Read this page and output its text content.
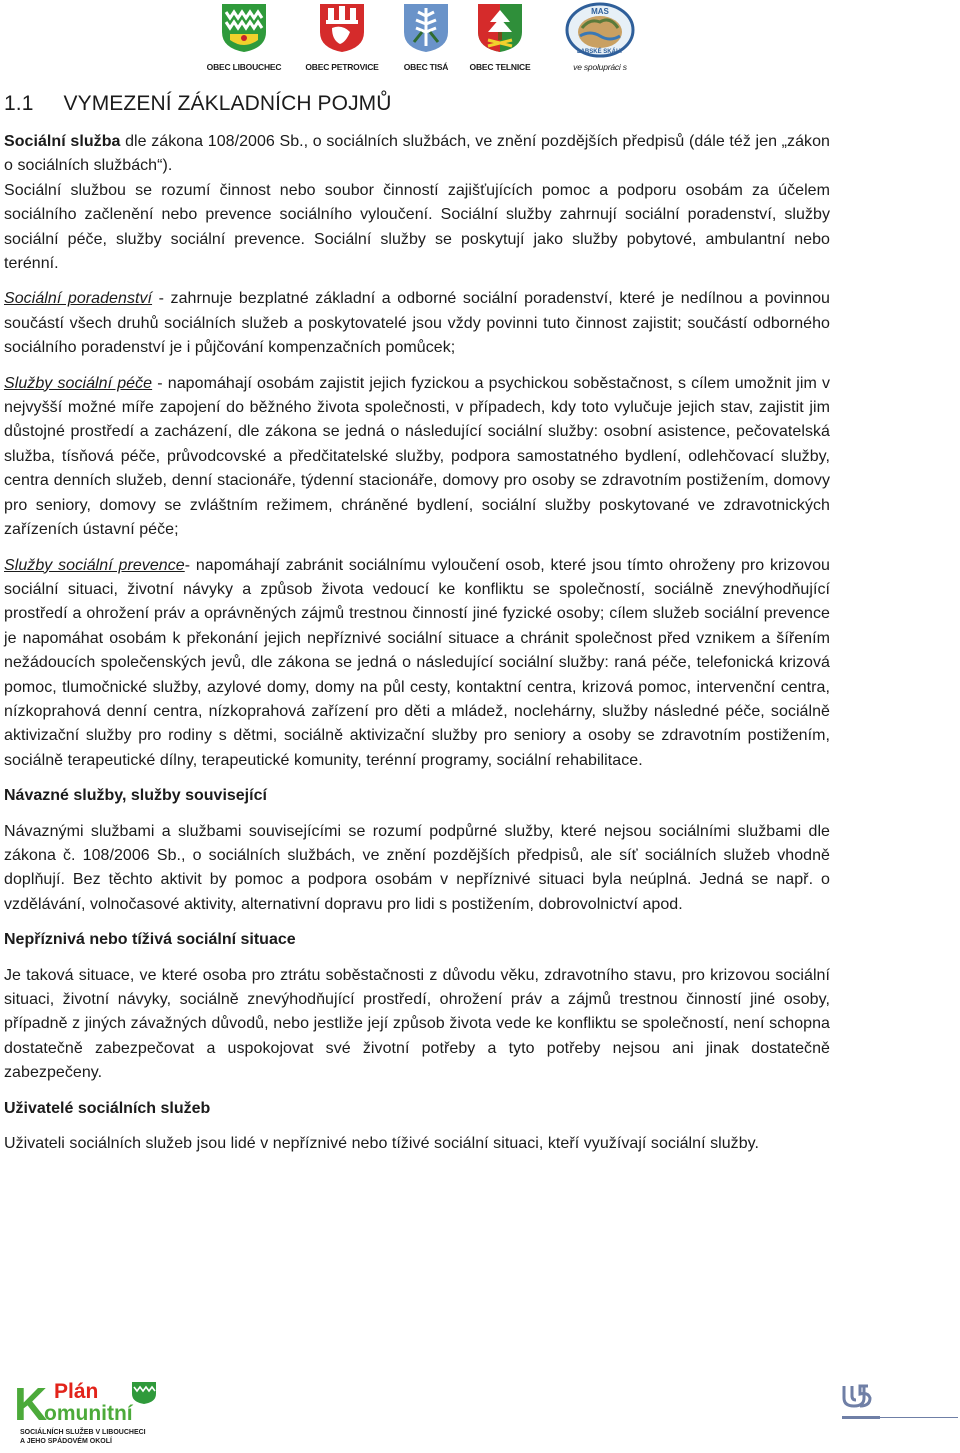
OBEC LIBOUCHEC	OBEC PETROVICE	OBEC TISÁ	OBEC TELNICE
MAS
LABSKÉ SKÁLY
ve spolupráci s
1.1 VYMEZENÍ ZÁKLADNÍCH POJMŮ

Sociální služba dle zákona 108/2006 Sb., o sociálních službách, ve znění pozdějších předpisů (dále též jen „zákon o sociálních službách“).

Sociální službou se rozumí činnost nebo soubor činností zajišťujících pomoc a podporu osobám za účelem sociálního začlenění nebo prevence sociálního vyloučení. Sociální služby zahrnují sociální poradenství, služby sociální péče, služby sociální prevence. Sociální služby se poskytují jako služby pobytové, ambulantní nebo terénní.

Sociální poradenství - zahrnuje bezplatné základní a odborné sociální poradenství, které je nedílnou a povinnou součástí všech druhů sociálních služeb a poskytovatelé jsou vždy povinni tuto činnost zajistit; součástí odborného sociálního poradenství je i půjčování kompenzačních pomůcek;

Služby sociální péče - napomáhají osobám zajistit jejich fyzickou a psychickou soběstačnost, s cílem umožnit jim v nejvyšší možné míře zapojení do běžného života společnosti, v případech, kdy toto vylučuje jejich stav, zajistit jim důstojné prostředí a zacházení, dle zákona se jedná o následující sociální služby: osobní asistence, pečovatelská služba, tísňová péče, průvodcovské a předčitatelské služby, podpora samostatného bydlení, odlehčovací služby, centra denních služeb, denní stacionáře, týdenní stacionáře, domovy pro osoby se zdravotním postižením, domovy pro seniory, domovy se zvláštním režimem, chráněné bydlení, sociální služby poskytované ve zdravotnických zařízeních ústavní péče;

Služby sociální prevence- napomáhají zabránit sociálnímu vyloučení osob, které jsou tímto ohroženy pro krizovou sociální situaci, životní návyky a způsob života vedoucí ke konfliktu se společností, sociálně znevýhodňující prostředí a ohrožení práv a oprávněných zájmů trestnou činností jiné fyzické osoby; cílem služeb sociální prevence je napomáhat osobám k překonání jejich nepříznivé sociální situace a chránit společnost před vznikem a šířením nežádoucích společenských jevů, dle zákona se jedná o následující sociální služby: raná péče, telefonická krizová pomoc, tlumočnické služby, azylové domy, domy na půl cesty, kontaktní centra, krizová pomoc, intervenční centra, nízkoprahová denní centra, nízkoprahová zařízení pro děti a mládež, noclehárny, služby následné péče, sociálně aktivizační služby pro rodiny s dětmi, sociálně aktivizační služby pro seniory a osoby se zdravotním postižením, sociálně terapeutické dílny, terapeutické komunity, terénní programy, sociální rehabilitace.

Návazné služby, služby související

Návaznými službami a službami souvisejícími se rozumí podpůrné služby, které nejsou sociálními službami dle zákona č. 108/2006 Sb., o sociálních službách, ve znění pozdějších předpisů, ale síť sociálních služeb vhodně doplňují. Bez těchto aktivit by pomoc a podpora osobám v nepříznivé situaci byla neúplná. Jedná se např. o vzdělávání, volnočasové aktivity, alternativní dopravu pro lidi s postižením, dobrovolnictví apod.

Nepříznivá nebo tíživá sociální situace

Je taková situace, ve které osoba pro ztrátu soběstačnosti z důvodu věku, zdravotního stavu, pro krizovou sociální situaci, životní návyky, sociálně znevýhodňující prostředí, ohrožení práv a zájmů trestnou činností jiné osoby, případně z jiných závažných důvodů, nebo jestliže její způsob života vede ke konfliktu se společností, není schopna dostatečně zabezpečovat a uspokojovat své životní potřeby a tyto potřeby nejsou ani jinak dostatečně zabezpečeny.

Uživatelé sociálních služeb

Uživateli sociálních služeb jsou lidé v nepříznivé nebo tíživé sociální situaci, kteří využívají sociální služby.

K Plán
omunitní
SOCIÁLNÍCH SLUŽEB V LIBOUCHECI
A JEHO SPÁDOVÉM OKOLÍ
